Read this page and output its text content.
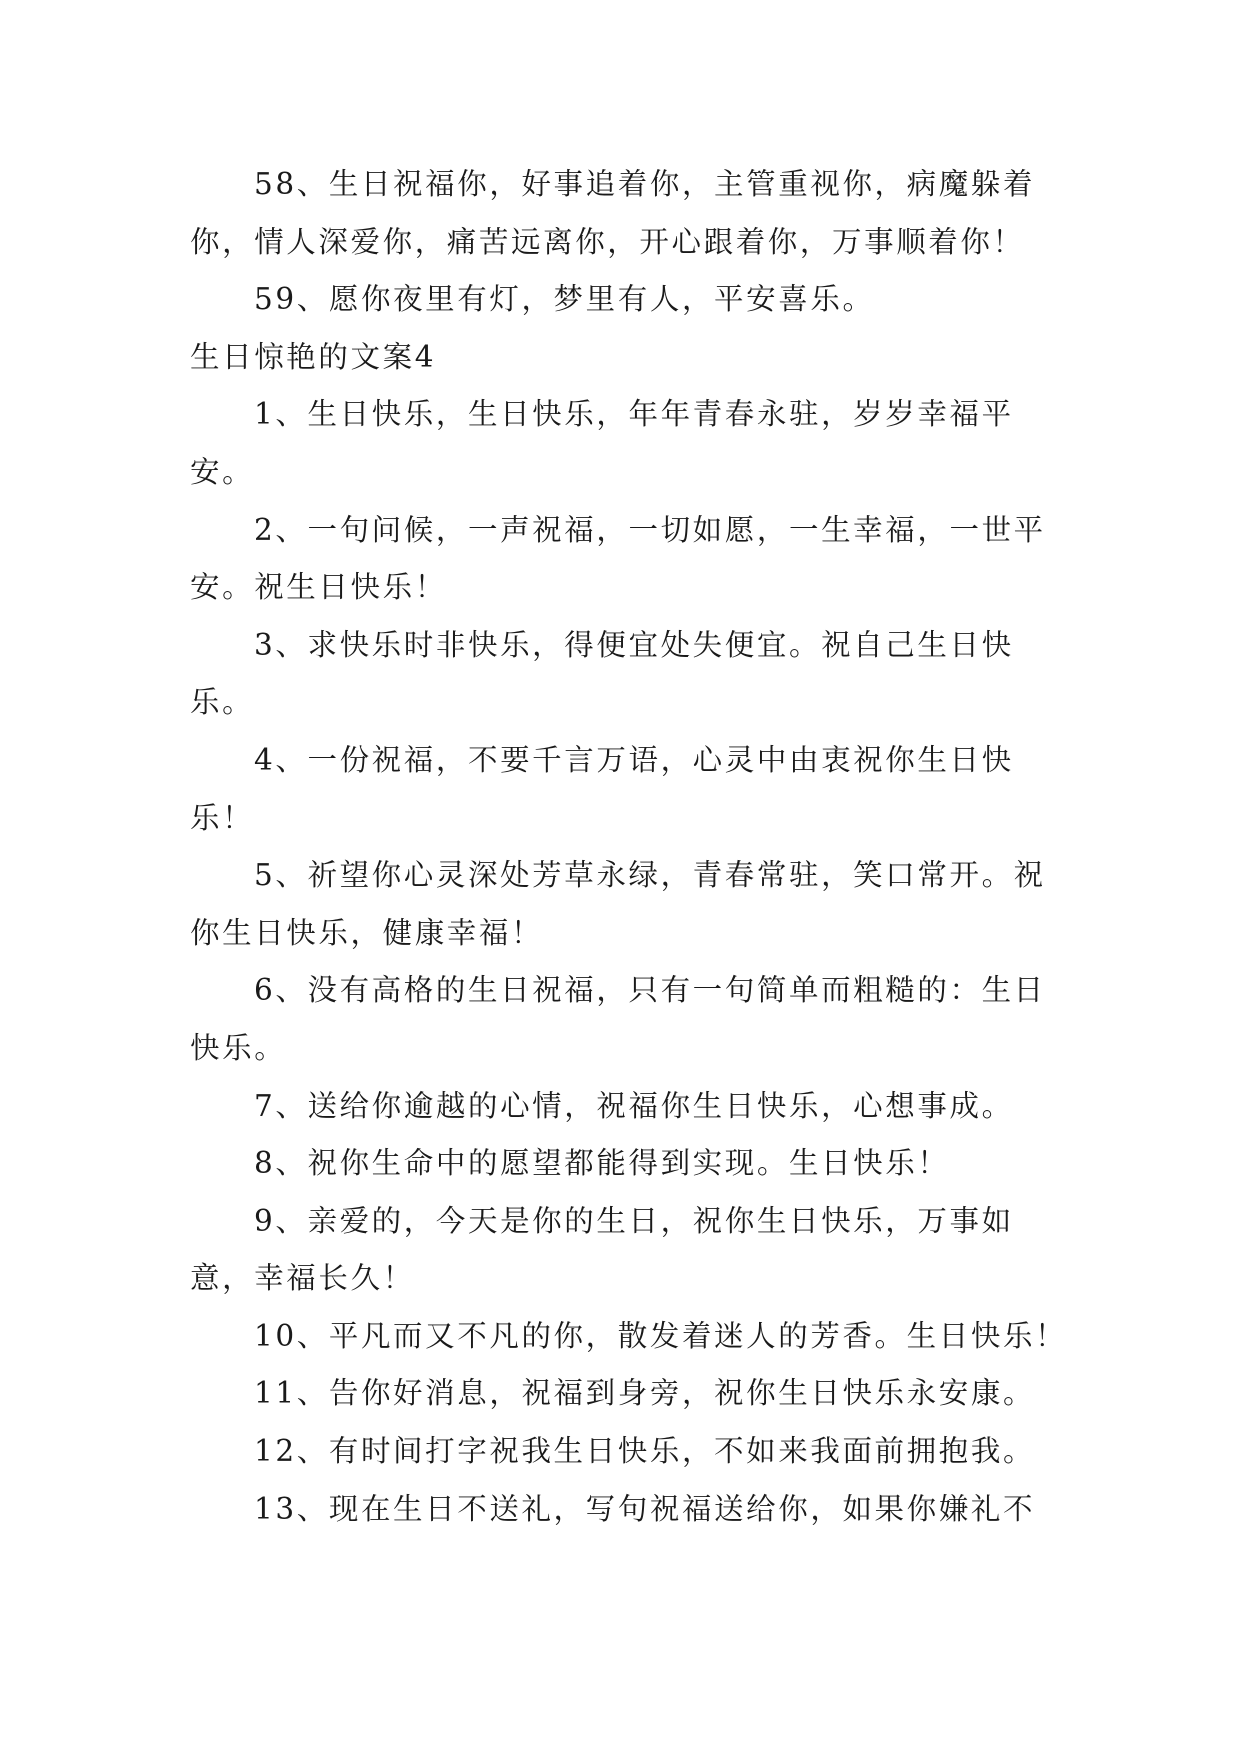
58、生日祝福你，好事追着你，主管重视你，病魔躲着你，情人深爱你，痛苦远离你，开心跟着你，万事顺着你！

59、愿你夜里有灯，梦里有人，平安喜乐。

生日惊艳的文案4

1、生日快乐，生日快乐，年年青春永驻，岁岁幸福平安。

2、一句问候，一声祝福，一切如愿，一生幸福，一世平安。祝生日快乐！

3、求快乐时非快乐，得便宜处失便宜。祝自己生日快乐。

4、一份祝福，不要千言万语，心灵中由衷祝你生日快乐！

5、祈望你心灵深处芳草永绿，青春常驻，笑口常开。祝你生日快乐，健康幸福！

6、没有高格的生日祝福，只有一句简单而粗糙的：生日快乐。

7、送给你逾越的心情，祝福你生日快乐，心想事成。

8、祝你生命中的愿望都能得到实现。生日快乐！

9、亲爱的，今天是你的生日，祝你生日快乐，万事如意，幸福长久！

10、平凡而又不凡的你，散发着迷人的芳香。生日快乐！

11、告你好消息，祝福到身旁，祝你生日快乐永安康。

12、有时间打字祝我生日快乐，不如来我面前拥抱我。

13、现在生日不送礼，写句祝福送给你，如果你嫌礼不
